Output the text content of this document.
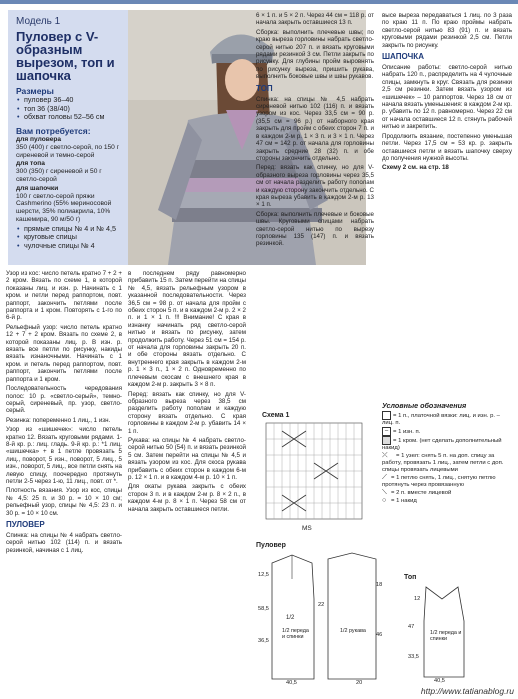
Модель 1
Пуловер с V-образным вырезом, топ и шапочка
Размеры
• пуловер 36–40
• топ 36 (38/40)
• обхват головы 52–56 см
Вам потребуется:
для пуловера
350 (400) г светло-серой, по 150 г сиреневой и темно-серой
для топа
300 (350) г сиреневой и 50 г светло-серой
для шапочки
100 г светло-серой пряжи Cashmerino (55% мериносовой шерсти, 35% полиакрила, 10% кашемира, 90 м/50 г)
• прямые спицы № 4 и № 4,5
• круговые спицы
• чулочные спицы № 4

Узор из кос: число петель кратно 7 + 2 + 2 кром. Вязать по схеме 1, в которой показаны лиц. и изн. р. Начинать с 1 кром. и петли перед раппортом, повт. раппорт, закончить петлями после раппорта и 1 кром. Повторять с 1-го по 6-й р.

Рельефный узор: число петель кратно 12 + 7 + 2 кром. Вязать по схеме 2, в которой показаны лиц. р. В изн. р. вязать все петли по рисунку, накиды вязать изнаночными. Начинать с 1 кром. и петель перед раппортом, повт. раппорт, закончить петлями после раппорта и 1 кром.

Последовательность чередования полос: 10 р. «светло-серый», темно-серый, сиреневый, пр. узор, светло-серый.

Резинка: попеременно 1 лиц., 1 изн.

Узор из «шишечек»: число петель кратно 12. Вязать круговыми рядами. 1-8-й кр. р.: лиц. гладь. 9-й кр. р.: *1 лиц. «шишечка» + в 1 петле провязать 5 лиц., поворот, 5 изн., поворот, 5 лиц., 5 изн., поворот, 5 лиц., все петли снять на левую спицу, поочередно протянуть петли 2-5 через 1-ю, 11 лиц., повт. от *.

Плотность вязания. Узор из кос, спицы № 4,5: 25 п. и 30 р. = 10 × 10 см; рельефный узор, спицы № 4,5: 23 п. и 30 р. = 10 × 10 см.

ПУЛОВЕР

Спинка: на спицы № 4 набрать светло-серой нитью 102 (114) п. и вязать резинкой, начиная с 1 лиц.

в последнем ряду равномерно прибавить 15 п. Затем перейти на спицы № 4,5, вязать рельефным узором в указанной последовательности. Через 36,5 см = 98 р. от начала для пройм с обеих сторон 5 п. и в каждом 2-м р. 2 × 2 п. и 1 × 1 п. !!! Внимание! С края в изнанку начинать ряд светло-серой нитью и вязать по рисунку, затем продолжить работу. Через 51 см = 154 р. от начала для горловины закрыть 20 п. и обе стороны вязать отдельно. С внутреннего края закрыть в каждом 2-м р. 1 × 3 п., 1 × 2 п. Одновременно по плечевым скосам с внешнего края в каждом 2-м р. закрыть 3 × 8 п.

Перед: вязать как спинку, но для V-образного выреза через 38,5 см разделить работу пополам и каждую сторону вязать отдельно. С края горловины в каждом 2-м р. убавить 14 × 1 п.

Рукава: на спицы № 4 набрать светло-серой нитью 50 (54) п. и вязать резинкой 5 см. Затем перейти на спицы № 4,5 и вязать узором из кос. Для скоса рукава прибавить с обеих сторон в каждом 6-м р. 12 × 1 п. и в каждом 4-м р. 10 × 1 п.

Для окаты рукава закрыть с обеих сторон 3 п. и в каждом 2-м р. 8 × 2 п., в каждом 4-м р. 8 × 1 п. Через 58 см от начала закрыть оставшиеся петли.

6 × 1 п. и 5 × 2 п. Через 44 см = 118 р. от начала закрыть оставшиеся 13 п.

Сборка: выполнить плечевые швы; по краю выреза горловины набрать светло-серой нитью 207 п. и вязать круговыми рядами резинкой 3 см. Петли закрыть по рисунку. Для глубины пройм выровнять по рисунку выреза, пришить рукава, выполнить боковые швы и швы рукавов.

ТОП

Спинка: на спицы № 4,5 набрать сиреневой нитью 102 (116) п. и вязать узором из кос. Через 33,5 см = 90 р. (35,5 см = 96 р.) от наборного края закрыть для пройм с обеих сторон 7 п. и в каждом 2-м р. 1 × 3 п. и 3 × 1 п. Через 47 см = 142 р. от начала для горловины закрыть средние 28 (32) п. и обе стороны закончить отдельно.

Перед: вязать как спинку, но для V-образного выреза горловины через 35,5 см от начала разделить работу пополам и каждую сторону закончить отдельно. С края выреза убавить в каждом 2-м р. 13 × 1 п.

Сборка: выполнить плечевые и боковые швы. Круговыми спицами набрать светло-серой нитью по вырезу горловины 135 (147) п. и вязать резинкой.

высе выреза передаваться 1 лиц. по 3 раза по краю 11 п. По краю проймы набрать светло-серой нитью 83 (91) п. и вязать круговыми рядами резинкой 2,5 см. Петли закрыть по рисунку.

ШАПОЧКА

Описание работы: светло-серой нитью набрать 120 п., распределить на 4 чулочные спицы, замкнуть в круг. Связать для резинки 2,5 см резинки. Затем вязать узором из «шишечек» – 10 раппортов. Через 18 см от начала вязать уменьшения: в каждом 2-м кр. р. убавить по 12 п. равномерно. Через 22 см от начала оставшиеся 12 п. стянуть рабочей нитью и закрепить.

Продолжить вязание, постепенно уменьшая петли. Через 17,5 см = 53 кр. р. закрыть оставшиеся петли и вязать шапочку сверху до получения нужной высоты.

Схему 2 см. на стр. 18

Схема 1
MS
Условные обозначения
= 1 п., платочной вязки: лиц. и изн. р. – лиц. п.
– = 1 изн. п.
= 1 кром. (нет сделать дополнительный накид)
⤫ = 1 узел: снять 5 п. на доп. спицу за работу, провязать 1 лиц., затем петли с доп. спицы провязать лицевыми
⟋ = 1 петлю снять, 1 лиц., снятую петлю протянуть через провязанную
⟍ = 2 п. вместе лицевой
○ = 1 накид
Пуловер
1/2
12,5
58,5
36,5
22
40,5
1/2 переда и спинки
1/2 рукава
20
18
46
Топ
12
47
33,5
1/2 переда и спинки
40,5
http://www.tatianablog.ru
